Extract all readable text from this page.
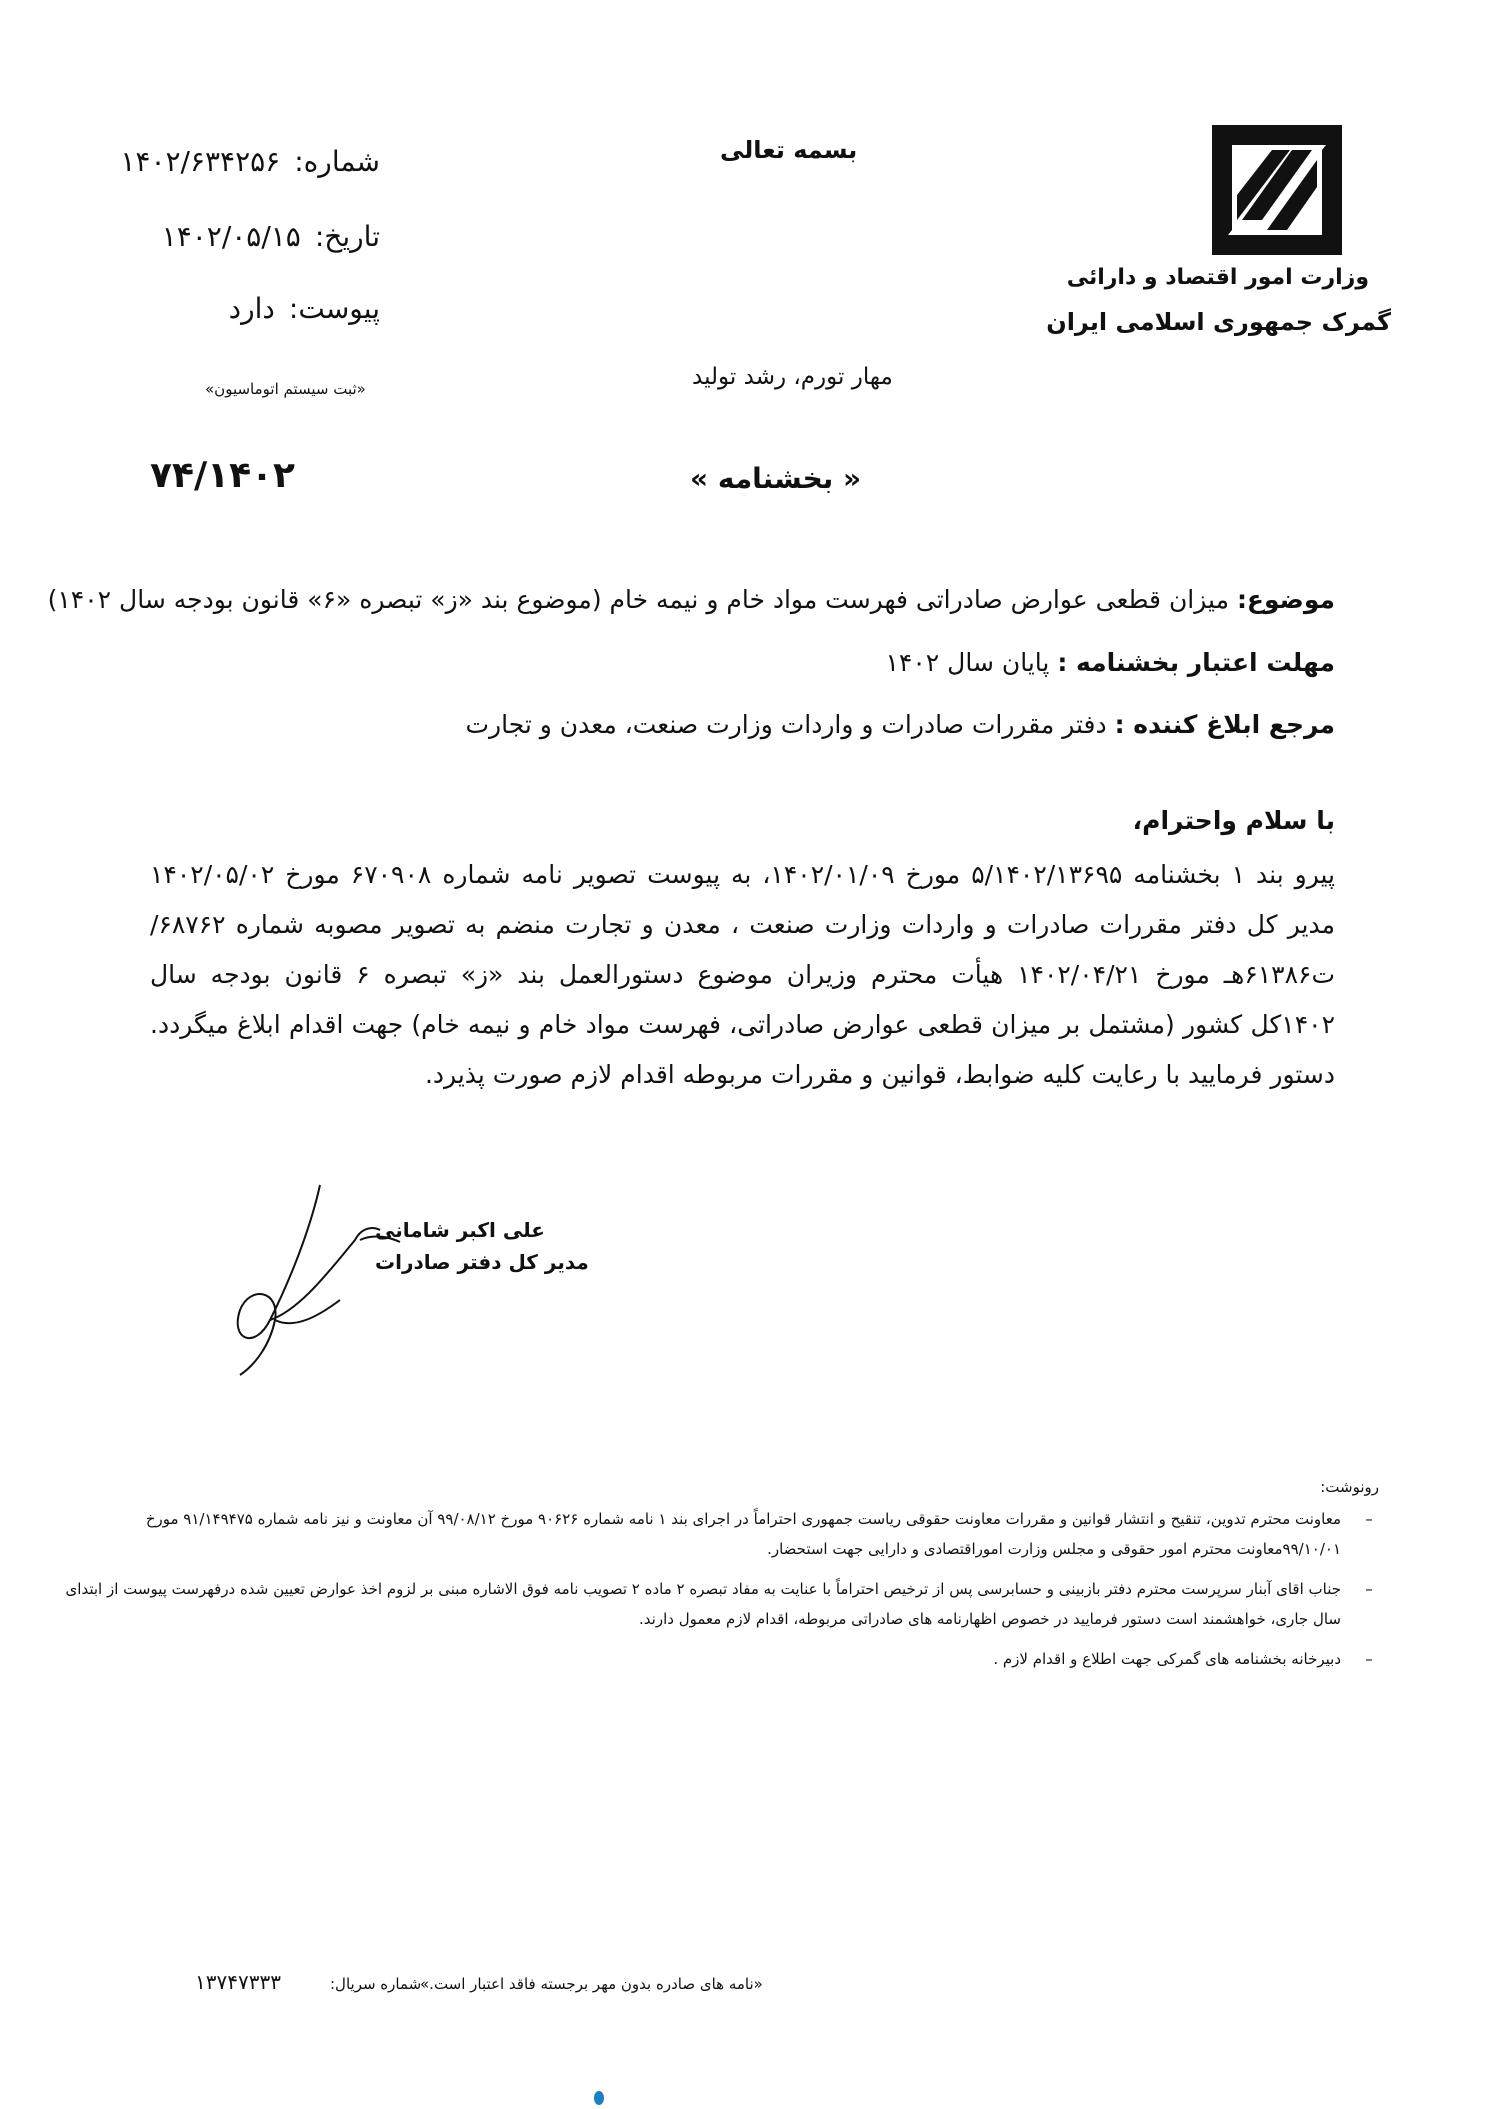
وزارت امور اقتصاد و دارائی
گمرک جمهوری اسلامی ایران
بسمه تعالی
مهار تورم، رشد تولید
۱۴۰۲/۶۳۴۲۵۶ شماره:
۱۴۰۲/۰۵/۱۵ تاریخ:
دارد پیوست:
«ثبت سیستم اتوماسیون»
۷۴/۱۴۰۲	« بخشنامه »
موضوع: میزان قطعی عوارض صادراتی فهرست مواد خام و نیمه خام (موضوع بند «ز» تبصره «۶» قانون بودجه سال ۱۴۰۲)
مهلت اعتبار بخشنامه : پایان سال ۱۴۰۲
مرجع ابلاغ کننده : دفتر مقررات صادرات و واردات وزارت صنعت، معدن و تجارت
با سلام واحترام،
پیرو بند ۱ بخشنامه ۵/۱۴۰۲/۱۳۶۹۵ مورخ ۱۴۰۲/۰۱/۰۹، به پیوست تصویر نامه شماره ۶۷۰۹۰۸ مورخ ۱۴۰۲/۰۵/۰۲ مدیر کل دفتر مقررات صادرات و واردات وزارت صنعت ، معدن و تجارت منضم به تصویر مصوبه شماره ۶۸۷۶۲/ت۶۱۳۸۶هـ مورخ ۱۴۰۲/۰۴/۲۱ هیأت محترم وزیران موضوع دستورالعمل بند «ز» تبصره ۶ قانون بودجه سال ۱۴۰۲کل کشور (مشتمل بر میزان قطعی عوارض صادراتی، فهرست مواد خام و نیمه خام) جهت اقدام ابلاغ میگردد. دستور فرمایید با رعایت کلیه ضوابط، قوانین و مقررات مربوطه اقدام لازم صورت پذیرد.
علی اکبر شامانی
مدیر کل دفتر صادرات
رونوشت:
–
معاونت محترم تدوین، تنقیح و انتشار قوانین و مقررات معاونت حقوقی ریاست جمهوری احتراماً در اجرای بند ۱ نامه شماره ۹۰۶۲۶ مورخ ۹۹/۰۸/۱۲ آن معاونت و نیز نامه شماره ۹۱/۱۴۹۴۷۵ مورخ ۹۹/۱۰/۰۱معاونت محترم امور حقوقی و مجلس وزارت اموراقتصادی و دارایی جهت استحضار.
–
جناب اقای آبنار سرپرست محترم دفتر بازبینی و حسابرسی پس از ترخیص احتراماً با عنایت به مفاد تبصره ۲ ماده ۲ تصویب نامه فوق الاشاره مبنی بر لزوم اخذ عوارض تعیین شده درفهرست پیوست از ابتدای سال جاری، خواهشمند است دستور فرمایید در خصوص اظهارنامه های صادراتی مربوطه، اقدام لازم معمول دارند.
–
دبیرخانه بخشنامه های گمرکی جهت اطلاع و اقدام لازم .
«نامه های صادره بدون مهر برجسته فاقد اعتبار است.»
شماره سریال:
۱۳۷۴۷۳۳۳
